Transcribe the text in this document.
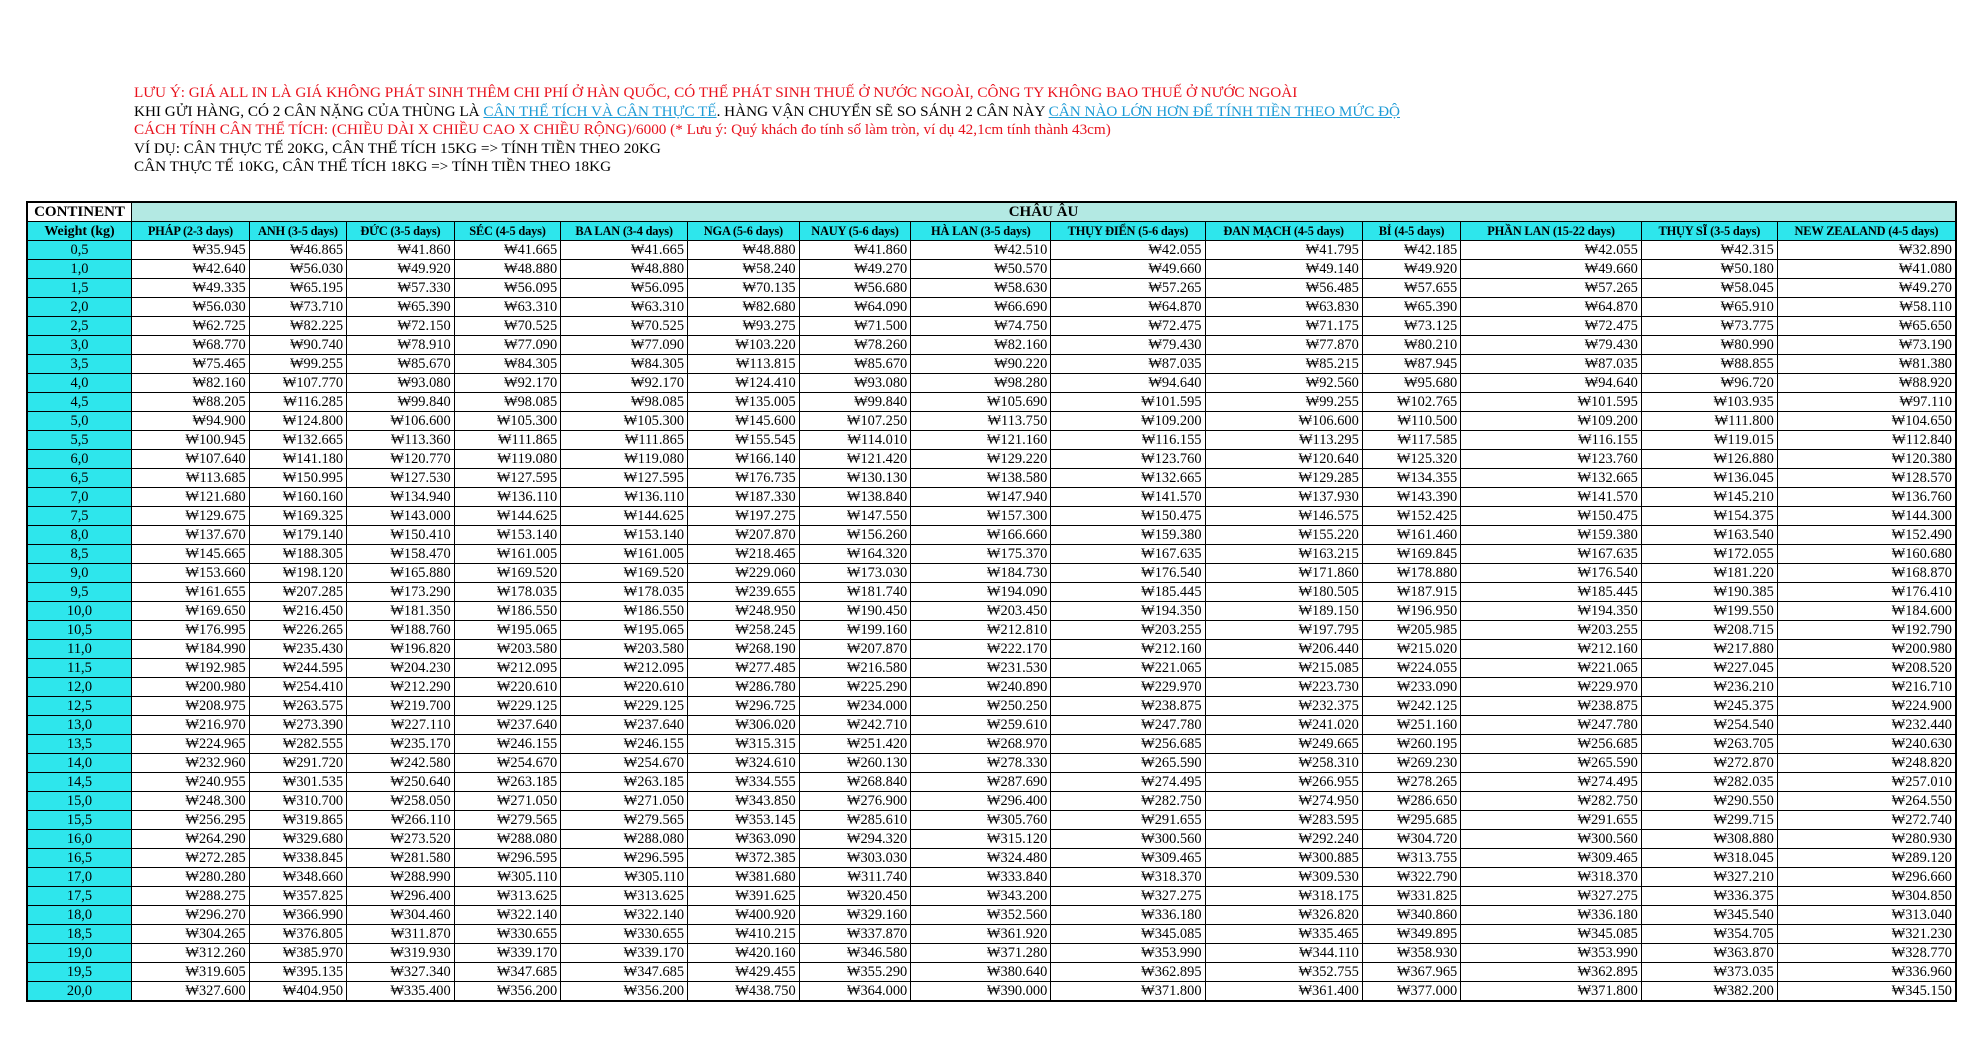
LƯU Ý: GIÁ ALL IN LÀ GIÁ KHÔNG PHÁT SINH THÊM CHI PHÍ Ở HÀN QUỐC, CÓ THỂ PHÁT SINH THUẾ Ở NƯỚC NGOÀI, CÔNG TY KHÔNG BAO THUẾ Ở NƯỚC NGOÀI
KHI GỬI HÀNG, CÓ 2 CÂN NẶNG CỦA THÙNG LÀ CÂN THỂ TÍCH VÀ CÂN THỰC TẾ. HÀNG VẬN CHUYỂN SẼ SO SÁNH 2 CÂN NÀY CÂN NÀO LỚN HƠN ĐỂ TÍNH TIỀN THEO MỨC ĐỘ
CÁCH TÍNH CÂN THỂ TÍCH: (CHIỀU DÀI X CHIỀU CAO X CHIỀU RỘNG)/6000 (* Lưu ý: Quý khách đo tính số làm tròn, ví dụ 42,1cm tính thành 43cm)
VÍ DỤ: CÂN THỰC TẾ 20KG, CÂN THỂ TÍCH 15KG => TÍNH TIỀN THEO 20KG
CÂN THỰC TẾ 10KG, CÂN THỂ TÍCH 18KG => TÍNH TIỀN THEO 18KG
CONTINENT	CHÂU ÂU													
Weight (kg)	PHÁP (2-3 days)	ANH (3-5 days)	ĐỨC (3-5 days)	SÉC (4-5 days)	BA LAN (3-4 days)	NGA (5-6 days)	NAUY (5-6 days)	HÀ LAN (3-5 days)	THỤY ĐIỂN (5-6 days)	ĐAN MẠCH (4-5 days)	BỈ (4-5 days)	PHẦN LAN (15-22 days)	THỤY SĨ (3-5 days)	NEW ZEALAND (4-5 days)
0,5	₩35.945	₩46.865	₩41.860	₩41.665	₩41.665	₩48.880	₩41.860	₩42.510	₩42.055	₩41.795	₩42.185	₩42.055	₩42.315	₩32.890
1,0	₩42.640	₩56.030	₩49.920	₩48.880	₩48.880	₩58.240	₩49.270	₩50.570	₩49.660	₩49.140	₩49.920	₩49.660	₩50.180	₩41.080
1,5	₩49.335	₩65.195	₩57.330	₩56.095	₩56.095	₩70.135	₩56.680	₩58.630	₩57.265	₩56.485	₩57.655	₩57.265	₩58.045	₩49.270
2,0	₩56.030	₩73.710	₩65.390	₩63.310	₩63.310	₩82.680	₩64.090	₩66.690	₩64.870	₩63.830	₩65.390	₩64.870	₩65.910	₩58.110
2,5	₩62.725	₩82.225	₩72.150	₩70.525	₩70.525	₩93.275	₩71.500	₩74.750	₩72.475	₩71.175	₩73.125	₩72.475	₩73.775	₩65.650
3,0	₩68.770	₩90.740	₩78.910	₩77.090	₩77.090	₩103.220	₩78.260	₩82.160	₩79.430	₩77.870	₩80.210	₩79.430	₩80.990	₩73.190
3,5	₩75.465	₩99.255	₩85.670	₩84.305	₩84.305	₩113.815	₩85.670	₩90.220	₩87.035	₩85.215	₩87.945	₩87.035	₩88.855	₩81.380
4,0	₩82.160	₩107.770	₩93.080	₩92.170	₩92.170	₩124.410	₩93.080	₩98.280	₩94.640	₩92.560	₩95.680	₩94.640	₩96.720	₩88.920
4,5	₩88.205	₩116.285	₩99.840	₩98.085	₩98.085	₩135.005	₩99.840	₩105.690	₩101.595	₩99.255	₩102.765	₩101.595	₩103.935	₩97.110
5,0	₩94.900	₩124.800	₩106.600	₩105.300	₩105.300	₩145.600	₩107.250	₩113.750	₩109.200	₩106.600	₩110.500	₩109.200	₩111.800	₩104.650
5,5	₩100.945	₩132.665	₩113.360	₩111.865	₩111.865	₩155.545	₩114.010	₩121.160	₩116.155	₩113.295	₩117.585	₩116.155	₩119.015	₩112.840
6,0	₩107.640	₩141.180	₩120.770	₩119.080	₩119.080	₩166.140	₩121.420	₩129.220	₩123.760	₩120.640	₩125.320	₩123.760	₩126.880	₩120.380
6,5	₩113.685	₩150.995	₩127.530	₩127.595	₩127.595	₩176.735	₩130.130	₩138.580	₩132.665	₩129.285	₩134.355	₩132.665	₩136.045	₩128.570
7,0	₩121.680	₩160.160	₩134.940	₩136.110	₩136.110	₩187.330	₩138.840	₩147.940	₩141.570	₩137.930	₩143.390	₩141.570	₩145.210	₩136.760
7,5	₩129.675	₩169.325	₩143.000	₩144.625	₩144.625	₩197.275	₩147.550	₩157.300	₩150.475	₩146.575	₩152.425	₩150.475	₩154.375	₩144.300
8,0	₩137.670	₩179.140	₩150.410	₩153.140	₩153.140	₩207.870	₩156.260	₩166.660	₩159.380	₩155.220	₩161.460	₩159.380	₩163.540	₩152.490
8,5	₩145.665	₩188.305	₩158.470	₩161.005	₩161.005	₩218.465	₩164.320	₩175.370	₩167.635	₩163.215	₩169.845	₩167.635	₩172.055	₩160.680
9,0	₩153.660	₩198.120	₩165.880	₩169.520	₩169.520	₩229.060	₩173.030	₩184.730	₩176.540	₩171.860	₩178.880	₩176.540	₩181.220	₩168.870
9,5	₩161.655	₩207.285	₩173.290	₩178.035	₩178.035	₩239.655	₩181.740	₩194.090	₩185.445	₩180.505	₩187.915	₩185.445	₩190.385	₩176.410
10,0	₩169.650	₩216.450	₩181.350	₩186.550	₩186.550	₩248.950	₩190.450	₩203.450	₩194.350	₩189.150	₩196.950	₩194.350	₩199.550	₩184.600
10,5	₩176.995	₩226.265	₩188.760	₩195.065	₩195.065	₩258.245	₩199.160	₩212.810	₩203.255	₩197.795	₩205.985	₩203.255	₩208.715	₩192.790
11,0	₩184.990	₩235.430	₩196.820	₩203.580	₩203.580	₩268.190	₩207.870	₩222.170	₩212.160	₩206.440	₩215.020	₩212.160	₩217.880	₩200.980
11,5	₩192.985	₩244.595	₩204.230	₩212.095	₩212.095	₩277.485	₩216.580	₩231.530	₩221.065	₩215.085	₩224.055	₩221.065	₩227.045	₩208.520
12,0	₩200.980	₩254.410	₩212.290	₩220.610	₩220.610	₩286.780	₩225.290	₩240.890	₩229.970	₩223.730	₩233.090	₩229.970	₩236.210	₩216.710
12,5	₩208.975	₩263.575	₩219.700	₩229.125	₩229.125	₩296.725	₩234.000	₩250.250	₩238.875	₩232.375	₩242.125	₩238.875	₩245.375	₩224.900
13,0	₩216.970	₩273.390	₩227.110	₩237.640	₩237.640	₩306.020	₩242.710	₩259.610	₩247.780	₩241.020	₩251.160	₩247.780	₩254.540	₩232.440
13,5	₩224.965	₩282.555	₩235.170	₩246.155	₩246.155	₩315.315	₩251.420	₩268.970	₩256.685	₩249.665	₩260.195	₩256.685	₩263.705	₩240.630
14,0	₩232.960	₩291.720	₩242.580	₩254.670	₩254.670	₩324.610	₩260.130	₩278.330	₩265.590	₩258.310	₩269.230	₩265.590	₩272.870	₩248.820
14,5	₩240.955	₩301.535	₩250.640	₩263.185	₩263.185	₩334.555	₩268.840	₩287.690	₩274.495	₩266.955	₩278.265	₩274.495	₩282.035	₩257.010
15,0	₩248.300	₩310.700	₩258.050	₩271.050	₩271.050	₩343.850	₩276.900	₩296.400	₩282.750	₩274.950	₩286.650	₩282.750	₩290.550	₩264.550
15,5	₩256.295	₩319.865	₩266.110	₩279.565	₩279.565	₩353.145	₩285.610	₩305.760	₩291.655	₩283.595	₩295.685	₩291.655	₩299.715	₩272.740
16,0	₩264.290	₩329.680	₩273.520	₩288.080	₩288.080	₩363.090	₩294.320	₩315.120	₩300.560	₩292.240	₩304.720	₩300.560	₩308.880	₩280.930
16,5	₩272.285	₩338.845	₩281.580	₩296.595	₩296.595	₩372.385	₩303.030	₩324.480	₩309.465	₩300.885	₩313.755	₩309.465	₩318.045	₩289.120
17,0	₩280.280	₩348.660	₩288.990	₩305.110	₩305.110	₩381.680	₩311.740	₩333.840	₩318.370	₩309.530	₩322.790	₩318.370	₩327.210	₩296.660
17,5	₩288.275	₩357.825	₩296.400	₩313.625	₩313.625	₩391.625	₩320.450	₩343.200	₩327.275	₩318.175	₩331.825	₩327.275	₩336.375	₩304.850
18,0	₩296.270	₩366.990	₩304.460	₩322.140	₩322.140	₩400.920	₩329.160	₩352.560	₩336.180	₩326.820	₩340.860	₩336.180	₩345.540	₩313.040
18,5	₩304.265	₩376.805	₩311.870	₩330.655	₩330.655	₩410.215	₩337.870	₩361.920	₩345.085	₩335.465	₩349.895	₩345.085	₩354.705	₩321.230
19,0	₩312.260	₩385.970	₩319.930	₩339.170	₩339.170	₩420.160	₩346.580	₩371.280	₩353.990	₩344.110	₩358.930	₩353.990	₩363.870	₩328.770
19,5	₩319.605	₩395.135	₩327.340	₩347.685	₩347.685	₩429.455	₩355.290	₩380.640	₩362.895	₩352.755	₩367.965	₩362.895	₩373.035	₩336.960
20,0	₩327.600	₩404.950	₩335.400	₩356.200	₩356.200	₩438.750	₩364.000	₩390.000	₩371.800	₩361.400	₩377.000	₩371.800	₩382.200	₩345.150
